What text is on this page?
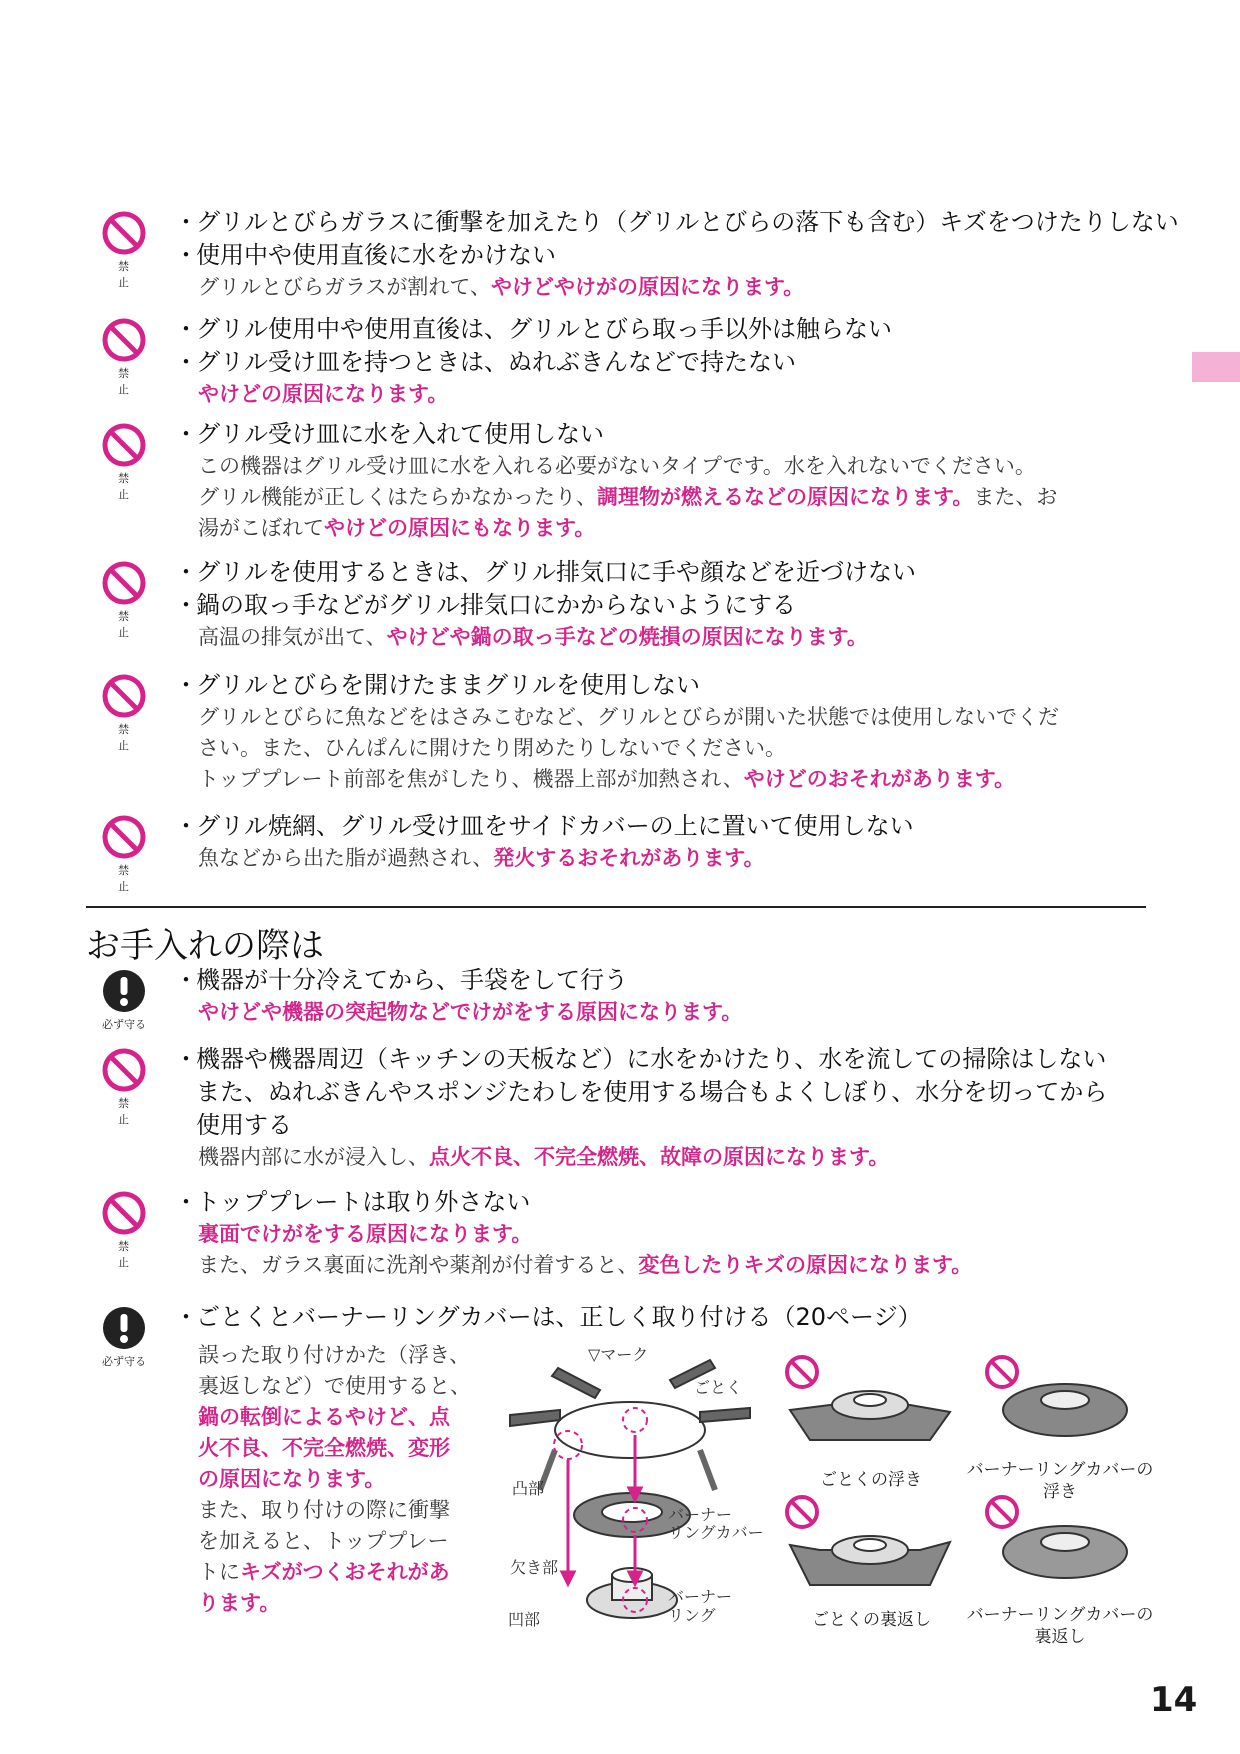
禁 止
・グリルとびらガラスに衝撃を加えたり（グリルとびらの落下も含む）キズをつけたりしない
・使用中や使用直後に水をかけない
グリルとびらガラスが割れて、やけどやけがの原因になります。
禁 止
・グリル使用中や使用直後は、グリルとびら取っ手以外は触らない
・グリル受け皿を持つときは、ぬれぶきんなどで持たない
やけどの原因になります。
禁 止
・グリル受け皿に水を入れて使用しない
この機器はグリル受け皿に水を入れる必要がないタイプです。水を入れないでください。
グリル機能が正しくはたらかなかったり、調理物が燃えるなどの原因になります。また、お
湯がこぼれてやけどの原因にもなります。
禁 止
・グリルを使用するときは、グリル排気口に手や顔などを近づけない
・鍋の取っ手などがグリル排気口にかからないようにする
高温の排気が出て、やけどや鍋の取っ手などの焼損の原因になります。
禁 止
・グリルとびらを開けたままグリルを使用しない
グリルとびらに魚などをはさみこむなど、グリルとびらが開いた状態では使用しないでくだ
さい。また、ひんぱんに開けたり閉めたりしないでください。
トッププレート前部を焦がしたり、機器上部が加熱され、やけどのおそれがあります。
禁 止
・グリル焼網、グリル受け皿をサイドカバーの上に置いて使用しない
魚などから出た脂が過熱され、発火するおそれがあります。
必ず守る
・機器が十分冷えてから、手袋をして行う
やけどや機器の突起物などでけがをする原因になります。
禁 止
・機器や機器周辺（キッチンの天板など）に水をかけたり、水を流しての掃除はしない
また、ぬれぶきんやスポンジたわしを使用する場合もよくしぼり、水分を切ってから
使用する
機器内部に水が浸入し、点火不良、不完全燃焼、故障の原因になります。
禁 止
・トッププレートは取り外さない
裏面でけがをする原因になります。
また、ガラス裏面に洗剤や薬剤が付着すると、変色したりキズの原因になります。
必ず守る
・ごとくとバーナーリングカバーは、正しく取り付ける（20ページ）
お手入れの際は
誤った取り付けかた（浮き、
裏返しなど）で使用すると、
鍋の転倒によるやけど、点
火不良、不完全燃焼、変形
の原因になります。
また、取り付けの際に衝撃
を加えると、トッププレー
トにキズがつくおそれがあ
ります。
▽マーク
ごとく
凸部
バーナー
リングカバー
欠き部
凹部
バーナー
リング
ごとくの浮き	バーナーリングカバーの
浮き
ごとくの裏返し	バーナーリングカバーの
裏返し
14
